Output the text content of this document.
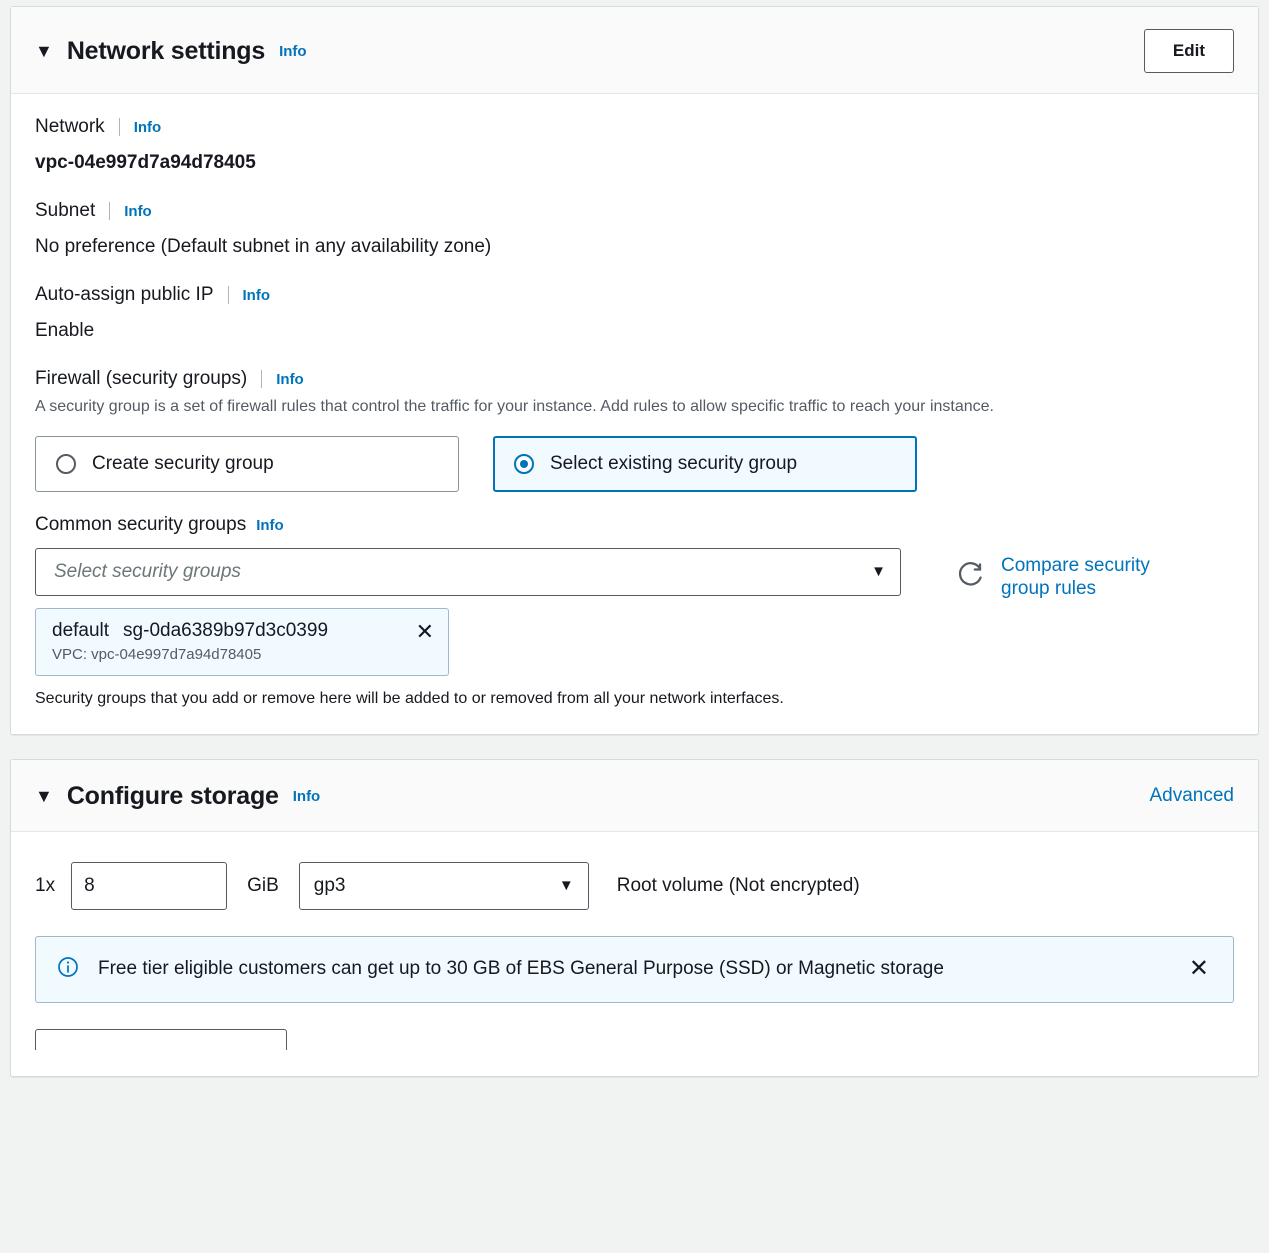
▼ Network settings Info	Edit
Network Info
vpc-04e997d7a94d78405
Subnet Info
No preference (Default subnet in any availability zone)
Auto-assign public IP Info
Enable
Firewall (security groups) Info
A security group is a set of firewall rules that control the traffic for your instance. Add rules to allow specific traffic to reach your instance.
Create security group	Select existing security group
Common security groups Info
Select security groups	▼
default sg-0da6389b97d3c0399	✕
VPC: vpc-04e997d7a94d78405
Compare security group rules
Security groups that you add or remove here will be added to or removed from all your network interfaces.
▼ Configure storage Info	Advanced
1x
8	GiB gp3	▼ Root volume (Not encrypted)
Free tier eligible customers can get up to 30 GB of EBS General Purpose (SSD) or Magnetic storage	✕
